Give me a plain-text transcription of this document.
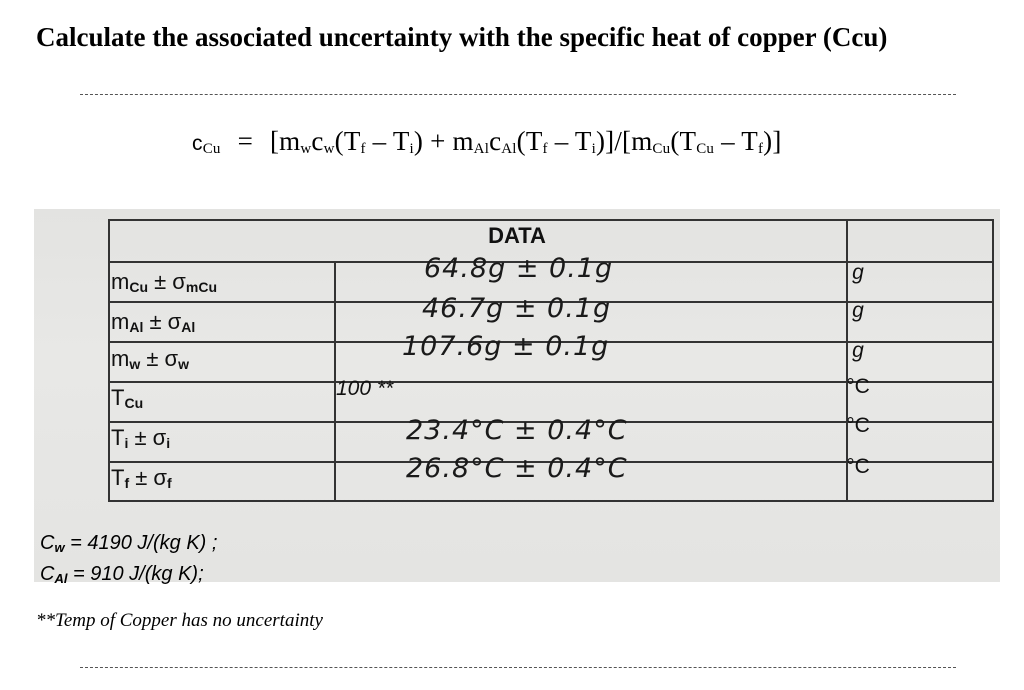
Calculate the associated uncertainty with the specific heat of copper (Ccu)
$c_{Cu} = [m_wc_w(T_f - T_i) + m_{Al}c_{Al}(T_f - T_i)]/[m_{Cu}(T_{Cu} - T_f)]$
DATA
$m_{Cu} \pm \sigma_{mCu}$
$m_{Al} \pm \sigma_{Al}$
$m_w \pm \sigma_w$
$T_{Cu}$
$T_i \pm \sigma_i$
$T_f \pm \sigma_f$
64.8g ± 0.1g
46.7g ± 0.1g
107.6g ± 0.1g
100 **
23.4°C ± 0.4°C
26.8°C ± 0.4°C
g
g
g
°C
°C
°C
$C_w = 4190$ J/(kg K) ;
$C_{Al} = 910$ J/(kg K);
**Temp of Copper has no uncertainty
